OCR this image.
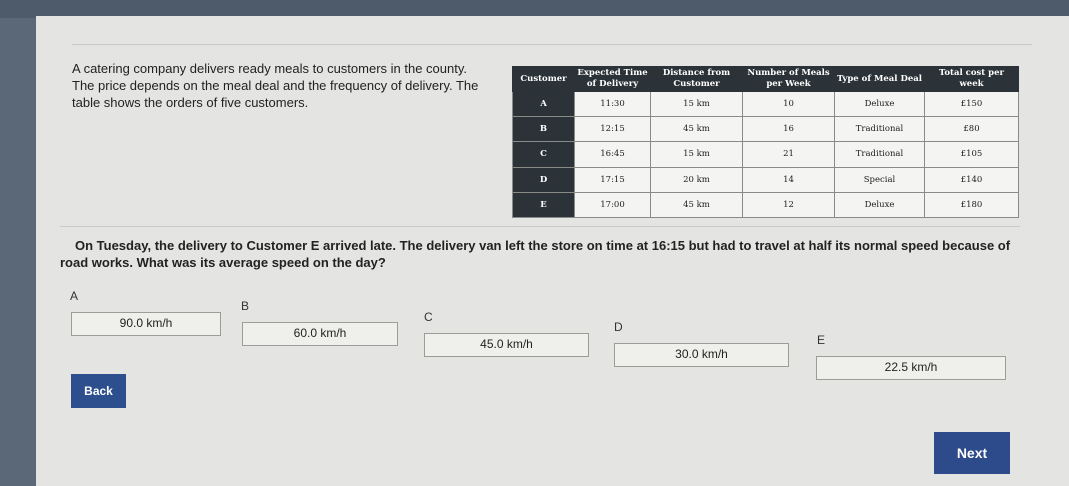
A catering company delivers ready meals to customers in the county. The price depends on the meal deal and the frequency of delivery. The table shows the orders of five customers.
Customer	Expected Time of Delivery	Distance from Customer	Number of Meals per Week	Type of Meal Deal	Total cost per week
A	11:30	15 km	10	Deluxe	£150
B	12:15	45 km	16	Traditional	£80
C	16:45	15 km	21	Traditional	£105
D	17:15	20 km	14	Special	£140
E	17:00	45 km	12	Deluxe	£180
On Tuesday, the delivery to Customer E arrived late. The delivery van left the store on time at 16:15 but had to travel at half its normal speed because of road works. What was its average speed on the day?
A
90.0 km/h
B
60.0 km/h
C
45.0 km/h
D
30.0 km/h
E
22.5 km/h
Back
Next
